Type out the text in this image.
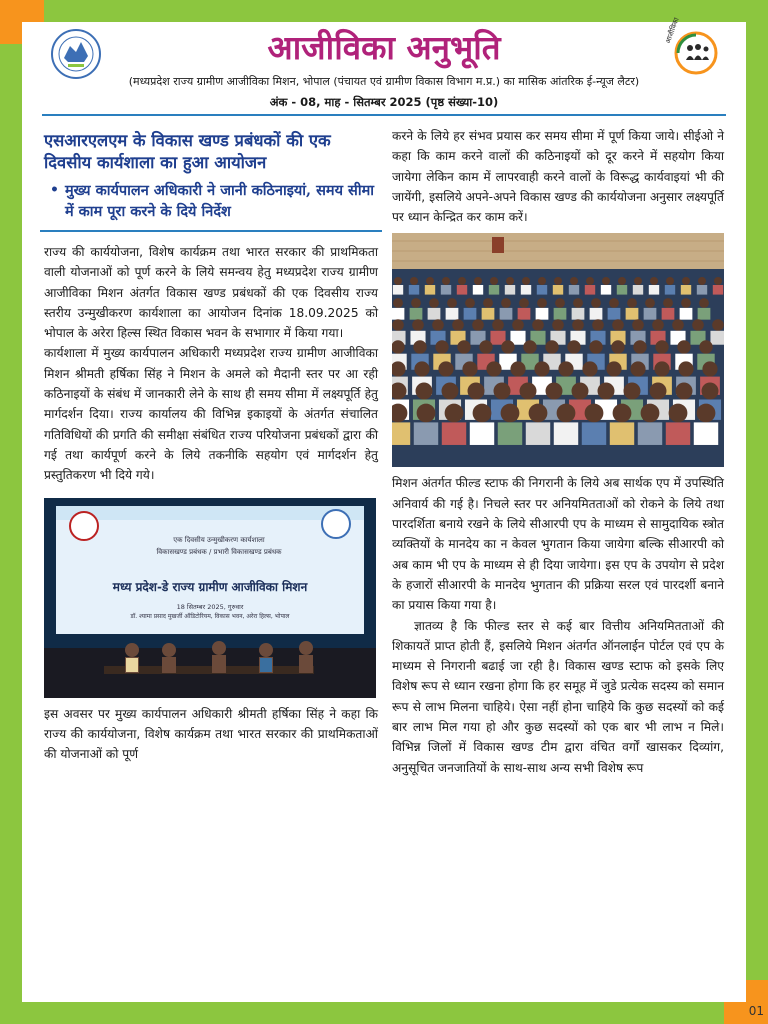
01
आजीविका अनुभूति	आजीविका
(मध्यप्रदेश राज्य ग्रामीण आजीविका मिशन, भोपाल (पंचायत एवं ग्रामीण विकास विभाग म.प्र.) का मासिक आंतरिक ई-न्यूज लैटर)
अंक - 08, माह - सितम्बर 2025 (पृष्ठ संख्या-10)
एसआरएलएम के विकास खण्ड प्रबंधकों की एक दिवसीय कार्यशाला का हुआ आयोजन
• मुख्य कार्यपालन अधिकारी ने जानी कठिनाइयां, समय सीमा में काम पूरा करने के दिये निर्देश

राज्य की कार्ययोजना, विशेष कार्यक्रम तथा भारत सरकार की प्राथमिकता वाली योजनाओं को पूर्ण करने के लिये समन्वय हेतु मध्यप्रदेश राज्य ग्रामीण आजीविका मिशन अंतर्गत विकास खण्ड प्रबंधकों की एक दिवसीय राज्य स्तरीय उन्मुखीकरण कार्यशाला का आयोजन दिनांक 18.09.2025 को भोपाल के अरेरा हिल्स स्थित विकास भवन के सभागार में किया गया।

कार्यशाला में मुख्य कार्यपालन अधिकारी मध्यप्रदेश राज्य ग्रामीण आजीविका मिशन श्रीमती हर्षिका सिंह ने मिशन के अमले को मैदानी स्तर पर आ रही कठिनाइयों के संबंध में जानकारी लेने के साथ ही समय सीमा में लक्ष्यपूर्ति हेतु मार्गदर्शन दिया। राज्य कार्यालय की विभिन्न इकाइयों के अंतर्गत संचालित गतिविधियों की प्रगति की समीक्षा संबंधित राज्य परियोजना प्रबंधकों द्वारा की गई तथा कार्यपूर्ण करने के लिये तकनीकि सहयोग एवं मार्गदर्शन हेतु प्रस्तुतिकरण भी दिये गये।

एक दिवसीय उन्मुखीकरण कार्यशाला
विकासखण्ड प्रबंधक / प्रभारी विकासखण्ड प्रबंधक
मध्य प्रदेश-डे राज्य ग्रामीण आजीविका मिशन
18 सितम्बर 2025, गुरुवार
डॉ. श्यामा प्रसाद मुखर्जी ऑडिटोरियम, विकास भवन, अरेरा हिल्स, भोपाल

इस अवसर पर मुख्य कार्यपालन अधिकारी श्रीमती हर्षिका सिंह ने कहा कि राज्य की कार्ययोजना, विशेष कार्यक्रम तथा भारत सरकार की प्राथमिकताओं की योजनाओं को पूर्ण

करने के लिये हर संभव प्रयास कर समय सीमा में पूर्ण किया जाये। सीईओ ने कहा कि काम करने वालों की कठिनाइयों को दूर करने में सहयोग किया जायेगा लेकिन काम में लापरवाही करने वालों के विरूद्ध कार्यवाइयां भी की जायेंगी, इसलिये अपने-अपने विकास खण्ड की कार्ययोजना अनुसार लक्ष्यपूर्ति पर ध्यान केन्द्रित कर काम करें।

मिशन अंतर्गत फील्ड स्टाफ की निगरानी के लिये अब सार्थक एप में उपस्थिति अनिवार्य की गई है। निचले स्तर पर अनियमितताओं को रोकने के लिये तथा पारदर्शिता बनाये रखने के लिये सीआरपी एप के माध्यम से सामुदायिक स्त्रोत व्यक्तियों के मानदेय का न केवल भुगतान किया जायेगा बल्कि सीआरपी को अब काम भी एप के माध्यम से ही दिया जायेगा। इस एप के उपयोग से प्रदेश के हजारों सीआरपी के मानदेय भुगतान की प्रक्रिया सरल एवं पारदर्शी बनाने का प्रयास किया गया है।

ज्ञातव्य है कि फील्ड स्तर से कई बार वित्तीय अनियमितताओं की शिकायतें प्राप्त होती हैं, इसलिये मिशन अंतर्गत ऑनलाईन पोर्टल एवं एप के माध्यम से निगरानी बढाई जा रही है। विकास खण्ड स्टाफ को इसके लिए विशेष रूप से ध्यान रखना होगा कि हर समूह में जुडे प्रत्येक सदस्य को समान रूप से लाभ मिलना चाहिये। ऐसा नहीं होना चाहिये कि कुछ सदस्यों को कई बार लाभ मिल गया हो और कुछ सदस्यों को एक बार भी लाभ न मिले। विभिन्न जिलों में विकास खण्ड टीम द्वारा वंचित वर्गों खासकर दिव्यांग, अनुसूचित जनजातियों के साथ-साथ अन्य सभी विशेष रूप
